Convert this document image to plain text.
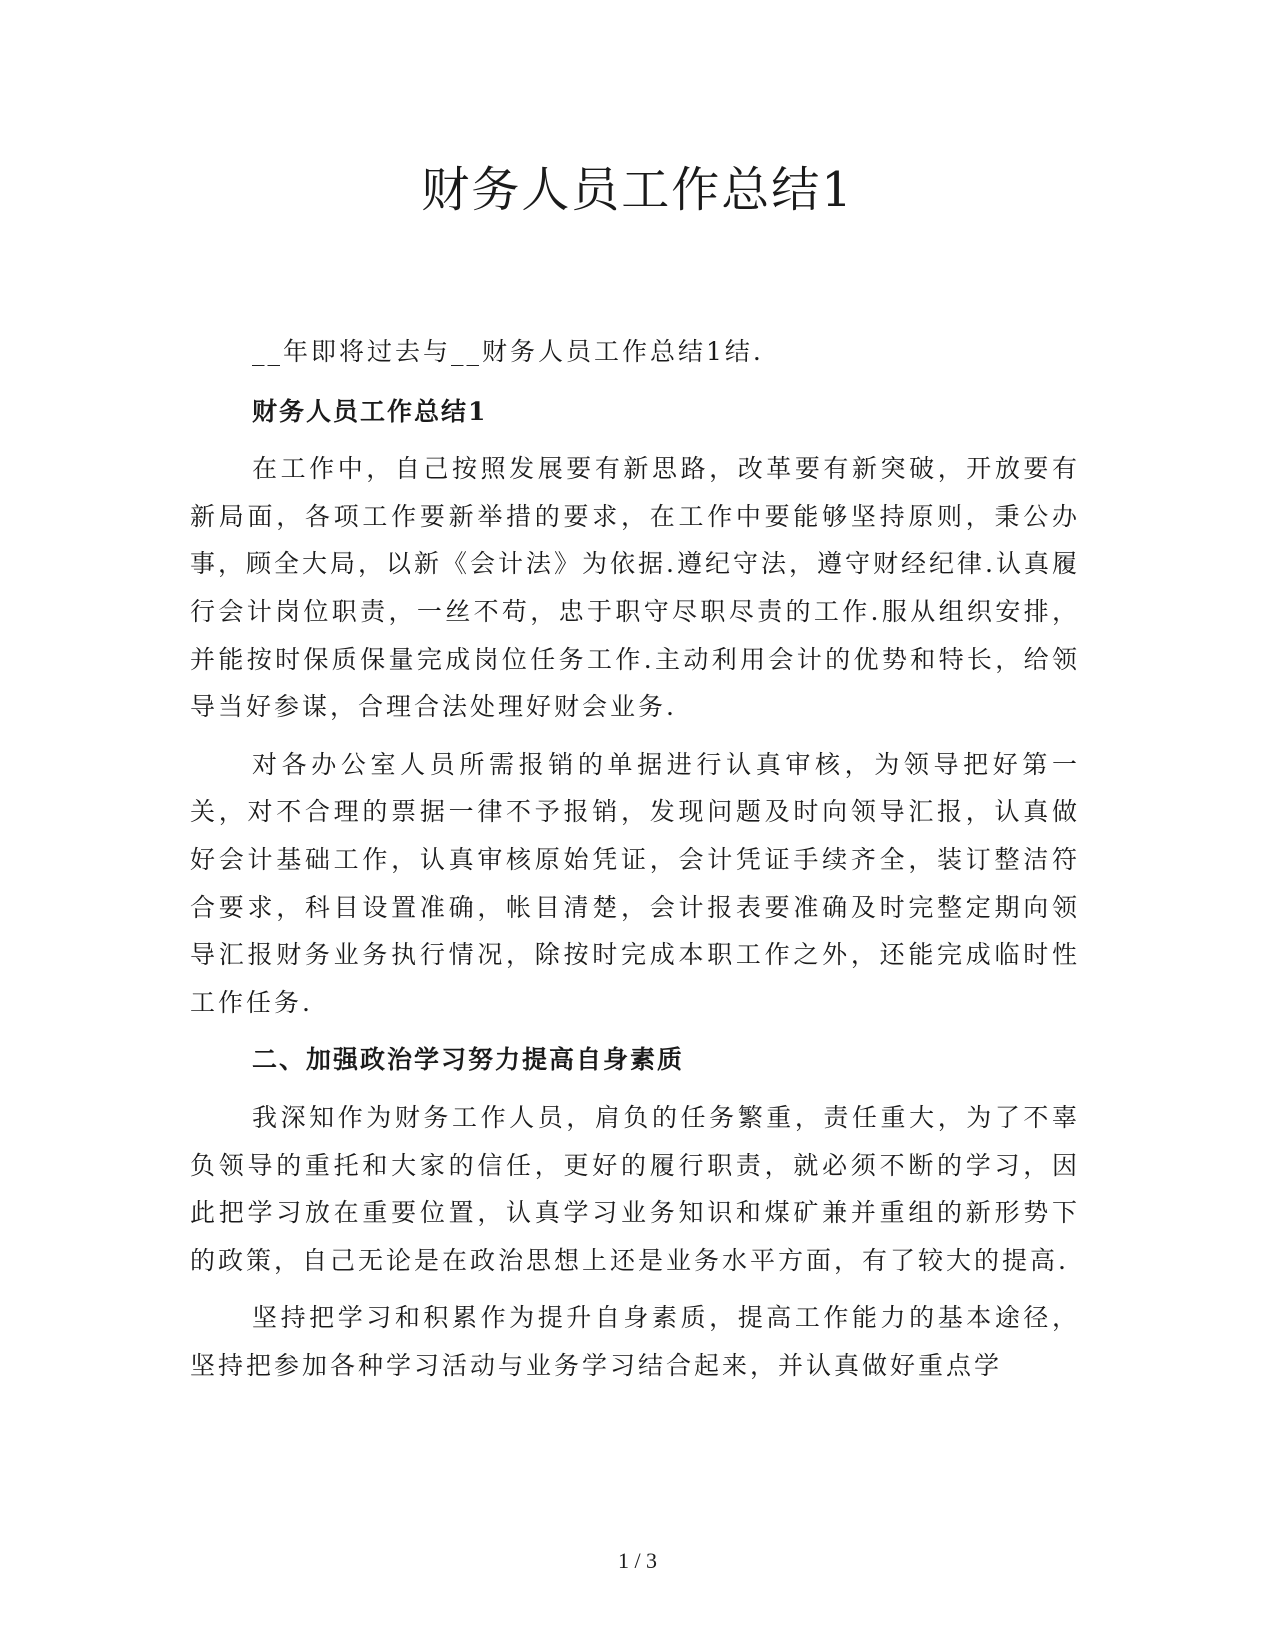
财务人员工作总结1

__年即将过去与__财务人员工作总结1结.

财务人员工作总结1

在工作中，自己按照发展要有新思路，改革要有新突破，开放要有新局面，各项工作要新举措的要求，在工作中要能够坚持原则，秉公办事，顾全大局，以新《会计法》为依据.遵纪守法，遵守财经纪律.认真履行会计岗位职责，一丝不苟，忠于职守尽职尽责的工作.服从组织安排，并能按时保质保量完成岗位任务工作.主动利用会计的优势和特长，给领导当好参谋，合理合法处理好财会业务.

对各办公室人员所需报销的单据进行认真审核，为领导把好第一关，对不合理的票据一律不予报销，发现问题及时向领导汇报，认真做好会计基础工作，认真审核原始凭证，会计凭证手续齐全，装订整洁符合要求，科目设置准确，帐目清楚，会计报表要准确及时完整定期向领导汇报财务业务执行情况，除按时完成本职工作之外，还能完成临时性工作任务.

二、加强政治学习努力提高自身素质

我深知作为财务工作人员，肩负的任务繁重，责任重大，为了不辜负领导的重托和大家的信任，更好的履行职责，就必须不断的学习，因此把学习放在重要位置，认真学习业务知识和煤矿兼并重组的新形势下的政策，自己无论是在政治思想上还是业务水平方面，有了较大的提高.

坚持把学习和积累作为提升自身素质，提高工作能力的基本途径，坚持把参加各种学习活动与业务学习结合起来，并认真做好重点学

1 / 3
